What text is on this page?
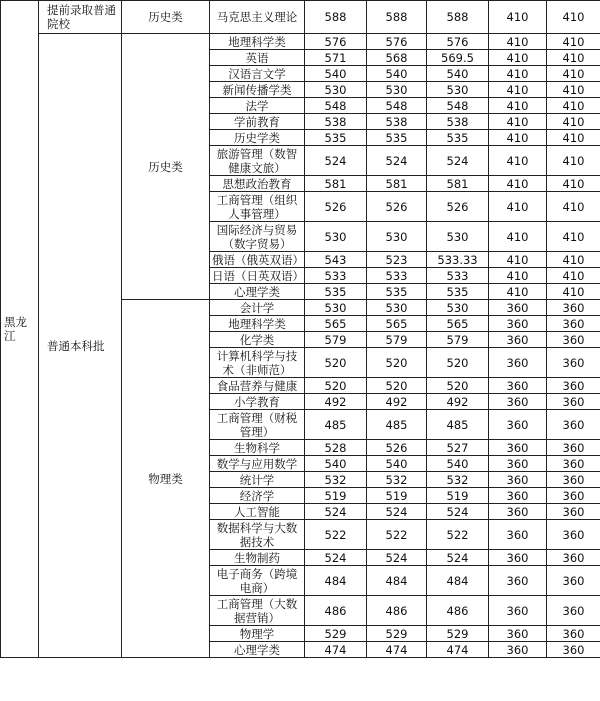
黑龙江	提前录取普通院校	历史类	马克思主义理论	588	588	588	410	410
	普通本科批	历史类	地理科学类	576	576	576	410	410
			英语	571	568	569.5	410	410
			汉语言文学	540	540	540	410	410
			新闻传播学类	530	530	530	410	410
			法学	548	548	548	410	410
			学前教育	538	538	538	410	410
			历史学类	535	535	535	410	410
			旅游管理（数智健康文旅）	524	524	524	410	410
			思想政治教育	581	581	581	410	410
			工商管理（组织人事管理）	526	526	526	410	410
			国际经济与贸易（数字贸易）	530	530	530	410	410
			俄语（俄英双语）	543	523	533.33	410	410
			日语（日英双语）	533	533	533	410	410
			心理学类	535	535	535	410	410
		物理类	会计学	530	530	530	360	360
			地理科学类	565	565	565	360	360
			化学类	579	579	579	360	360
			计算机科学与技术（非师范）	520	520	520	360	360
			食品营养与健康	520	520	520	360	360
			小学教育	492	492	492	360	360
			工商管理（财税管理）	485	485	485	360	360
			生物科学	528	526	527	360	360
			数学与应用数学	540	540	540	360	360
			统计学	532	532	532	360	360
			经济学	519	519	519	360	360
			人工智能	524	524	524	360	360
			数据科学与大数据技术	522	522	522	360	360
			生物制药	524	524	524	360	360
			电子商务（跨境电商）	484	484	484	360	360
			工商管理（大数据营销）	486	486	486	360	360
			物理学	529	529	529	360	360
			心理学类	474	474	474	360	360
